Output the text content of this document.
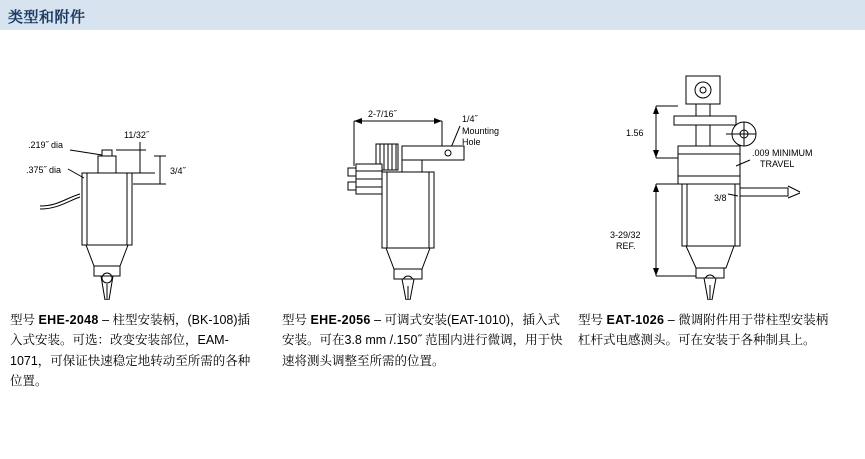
类型和附件
.219˝ dia
.375˝ dia
11/32˝
3/4˝
型号 EHE-2048 – 柱型安装柄，(BK-108)插入式安装。可选：改变安装部位，EAM-1071，可保证快速稳定地转动至所需的各种位置。
2-7/16˝	1/4˝
Mounting
Hole
型号 EHE-2056 – 可调式安装(EAT-1010)，插入式安装。可在3.8 mm /.150˝ 范围内进行微调，用于快速将测头调整至所需的位置。
1.56
.009 MINIMUM
TRAVEL
3/8
3-29/32
REF.
型号 EAT-1026 – 微调附件用于带柱型安装柄杠杆式电感测头。可在安装于各种制具上。
